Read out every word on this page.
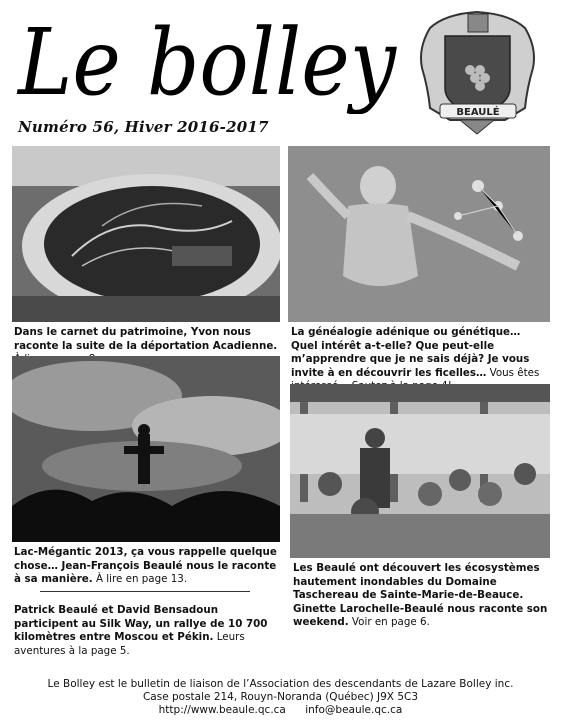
Le bolley
Numéro 56, Hiver 2016-2017
BEAULÉ
Dans le carnet du patrimoine, Yvon nous raconte la suite de la déportation Acadienne.
La généalogie adénique ou génétique… Quel intérêt a-t-elle? Que peut-elle m’apprendre que je ne sais déjà? Je vous invite à en découvrir les ficelles… Vous êtes
Lac-Mégantic 2013, ça vous rappelle quelque chose… Jean-François Beaulé nous le raconte à sa manière. À lire en page 13.
Patrick Beaulé et David Bensadoun participent au Silk Way, un rallye de 10 700 kilomètres entre Moscou et Pékin. Leurs aventures à la page 5.
Les Beaulé ont découvert les écosystèmes hautement inondables du Domaine Taschereau de Sainte-Marie-de-Beauce. Ginette Larochelle-Beaulé nous raconte son weekend. Voir en page 6.
Le Bolley est le bulletin de liaison de l’Association des descendants de Lazare Bolley inc.
Case postale 214, Rouyn-Noranda (Québec) J9X 5C3
http://www.beaule.qc.ca info@beaule.qc.ca
